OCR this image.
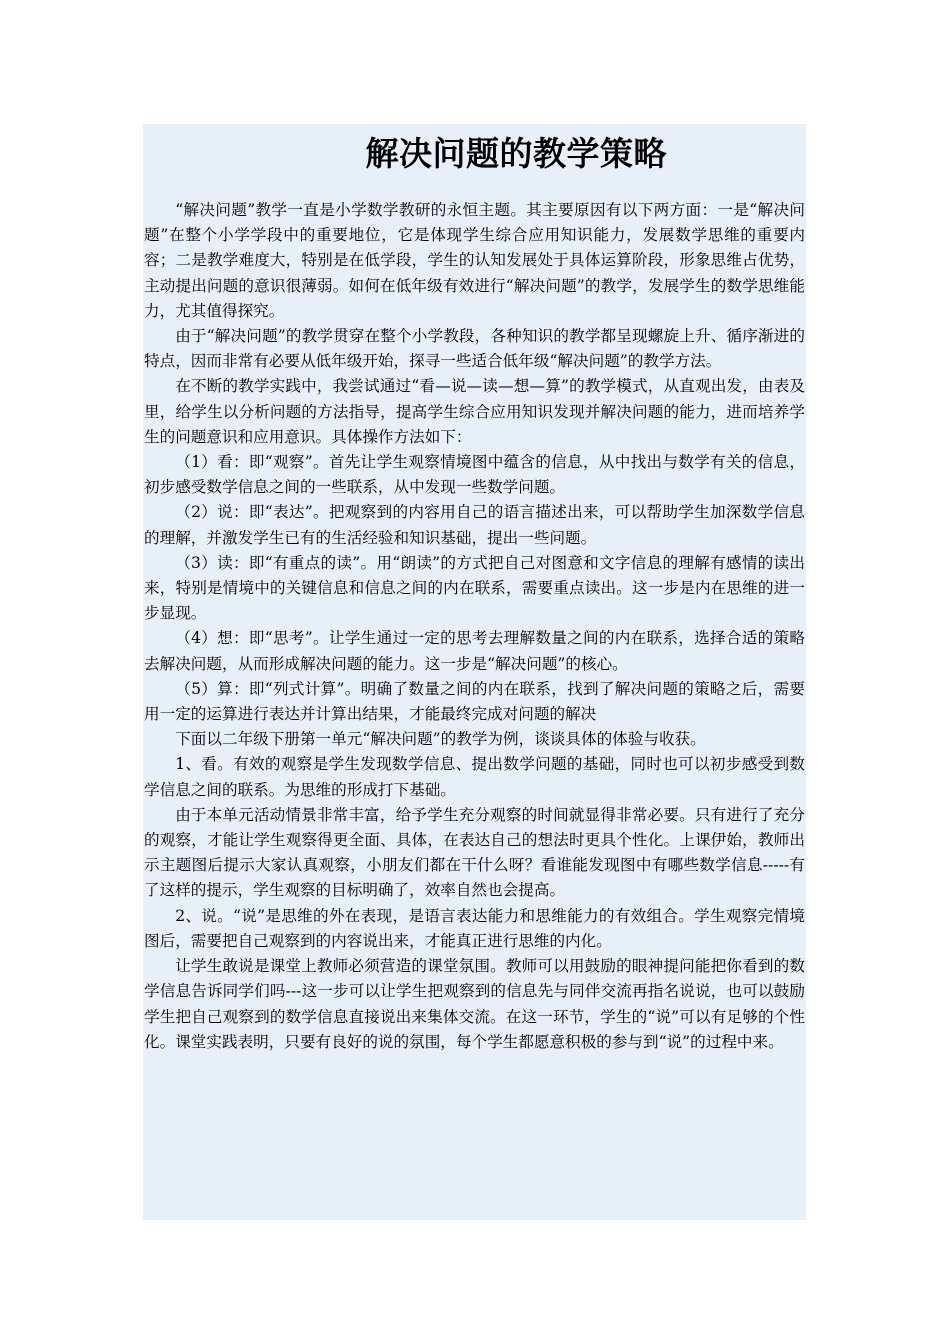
解决问题的教学策略

“解决问题”教学一直是小学数学教研的永恒主题。其主要原因有以下两方面：一是“解决问题”在整个小学学段中的重要地位，它是体现学生综合应用知识能力，发展数学思维的重要内容；二是教学难度大，特别是在低学段，学生的认知发展处于具体运算阶段，形象思维占优势，主动提出问题的意识很薄弱。如何在低年级有效进行“解决问题”的教学，发展学生的数学思维能力，尤其值得探究。

由于“解决问题”的教学贯穿在整个小学教段，各种知识的教学都呈现螺旋上升、循序渐进的特点，因而非常有必要从低年级开始，探寻一些适合低年级“解决问题”的教学方法。

在不断的教学实践中，我尝试通过“看—说—读—想—算”的教学模式，从直观出发，由表及里，给学生以分析问题的方法指导，提高学生综合应用知识发现并解决问题的能力，进而培养学生的问题意识和应用意识。具体操作方法如下：

（1）看：即“观察”。首先让学生观察情境图中蕴含的信息，从中找出与数学有关的信息，初步感受数学信息之间的一些联系，从中发现一些数学问题。

（2）说：即“表达”。把观察到的内容用自己的语言描述出来，可以帮助学生加深数学信息的理解，并激发学生已有的生活经验和知识基础，提出一些问题。

（3）读：即“有重点的读”。用“朗读”的方式把自己对图意和文字信息的理解有感情的读出来，特别是情境中的关键信息和信息之间的内在联系，需要重点读出。这一步是内在思维的进一步显现。

（4）想：即“思考”。让学生通过一定的思考去理解数量之间的内在联系，选择合适的策略去解决问题，从而形成解决问题的能力。这一步是“解决问题”的核心。

（5）算：即“列式计算”。明确了数量之间的内在联系，找到了解决问题的策略之后，需要用一定的运算进行表达并计算出结果，才能最终完成对问题的解决

下面以二年级下册第一单元“解决问题”的教学为例，谈谈具体的体验与收获。

1、看。有效的观察是学生发现数学信息、提出数学问题的基础，同时也可以初步感受到数学信息之间的联系。为思维的形成打下基础。

由于本单元活动情景非常丰富，给予学生充分观察的时间就显得非常必要。只有进行了充分的观察，才能让学生观察得更全面、具体，在表达自己的想法时更具个性化。上课伊始，教师出示主题图后提示大家认真观察，小朋友们都在干什么呀？看谁能发现图中有哪些数学信息-----有了这样的提示，学生观察的目标明确了，效率自然也会提高。

2、说。“说”是思维的外在表现，是语言表达能力和思维能力的有效组合。学生观察完情境图后，需要把自己观察到的内容说出来，才能真正进行思维的内化。

让学生敢说是课堂上教师必须营造的课堂氛围。教师可以用鼓励的眼神提问能把你看到的数学信息告诉同学们吗---这一步可以让学生把观察到的信息先与同伴交流再指名说说，也可以鼓励学生把自己观察到的数学信息直接说出来集体交流。在这一环节，学生的“说”可以有足够的个性化。课堂实践表明，只要有良好的说的氛围，每个学生都愿意积极的参与到“说”的过程中来。
